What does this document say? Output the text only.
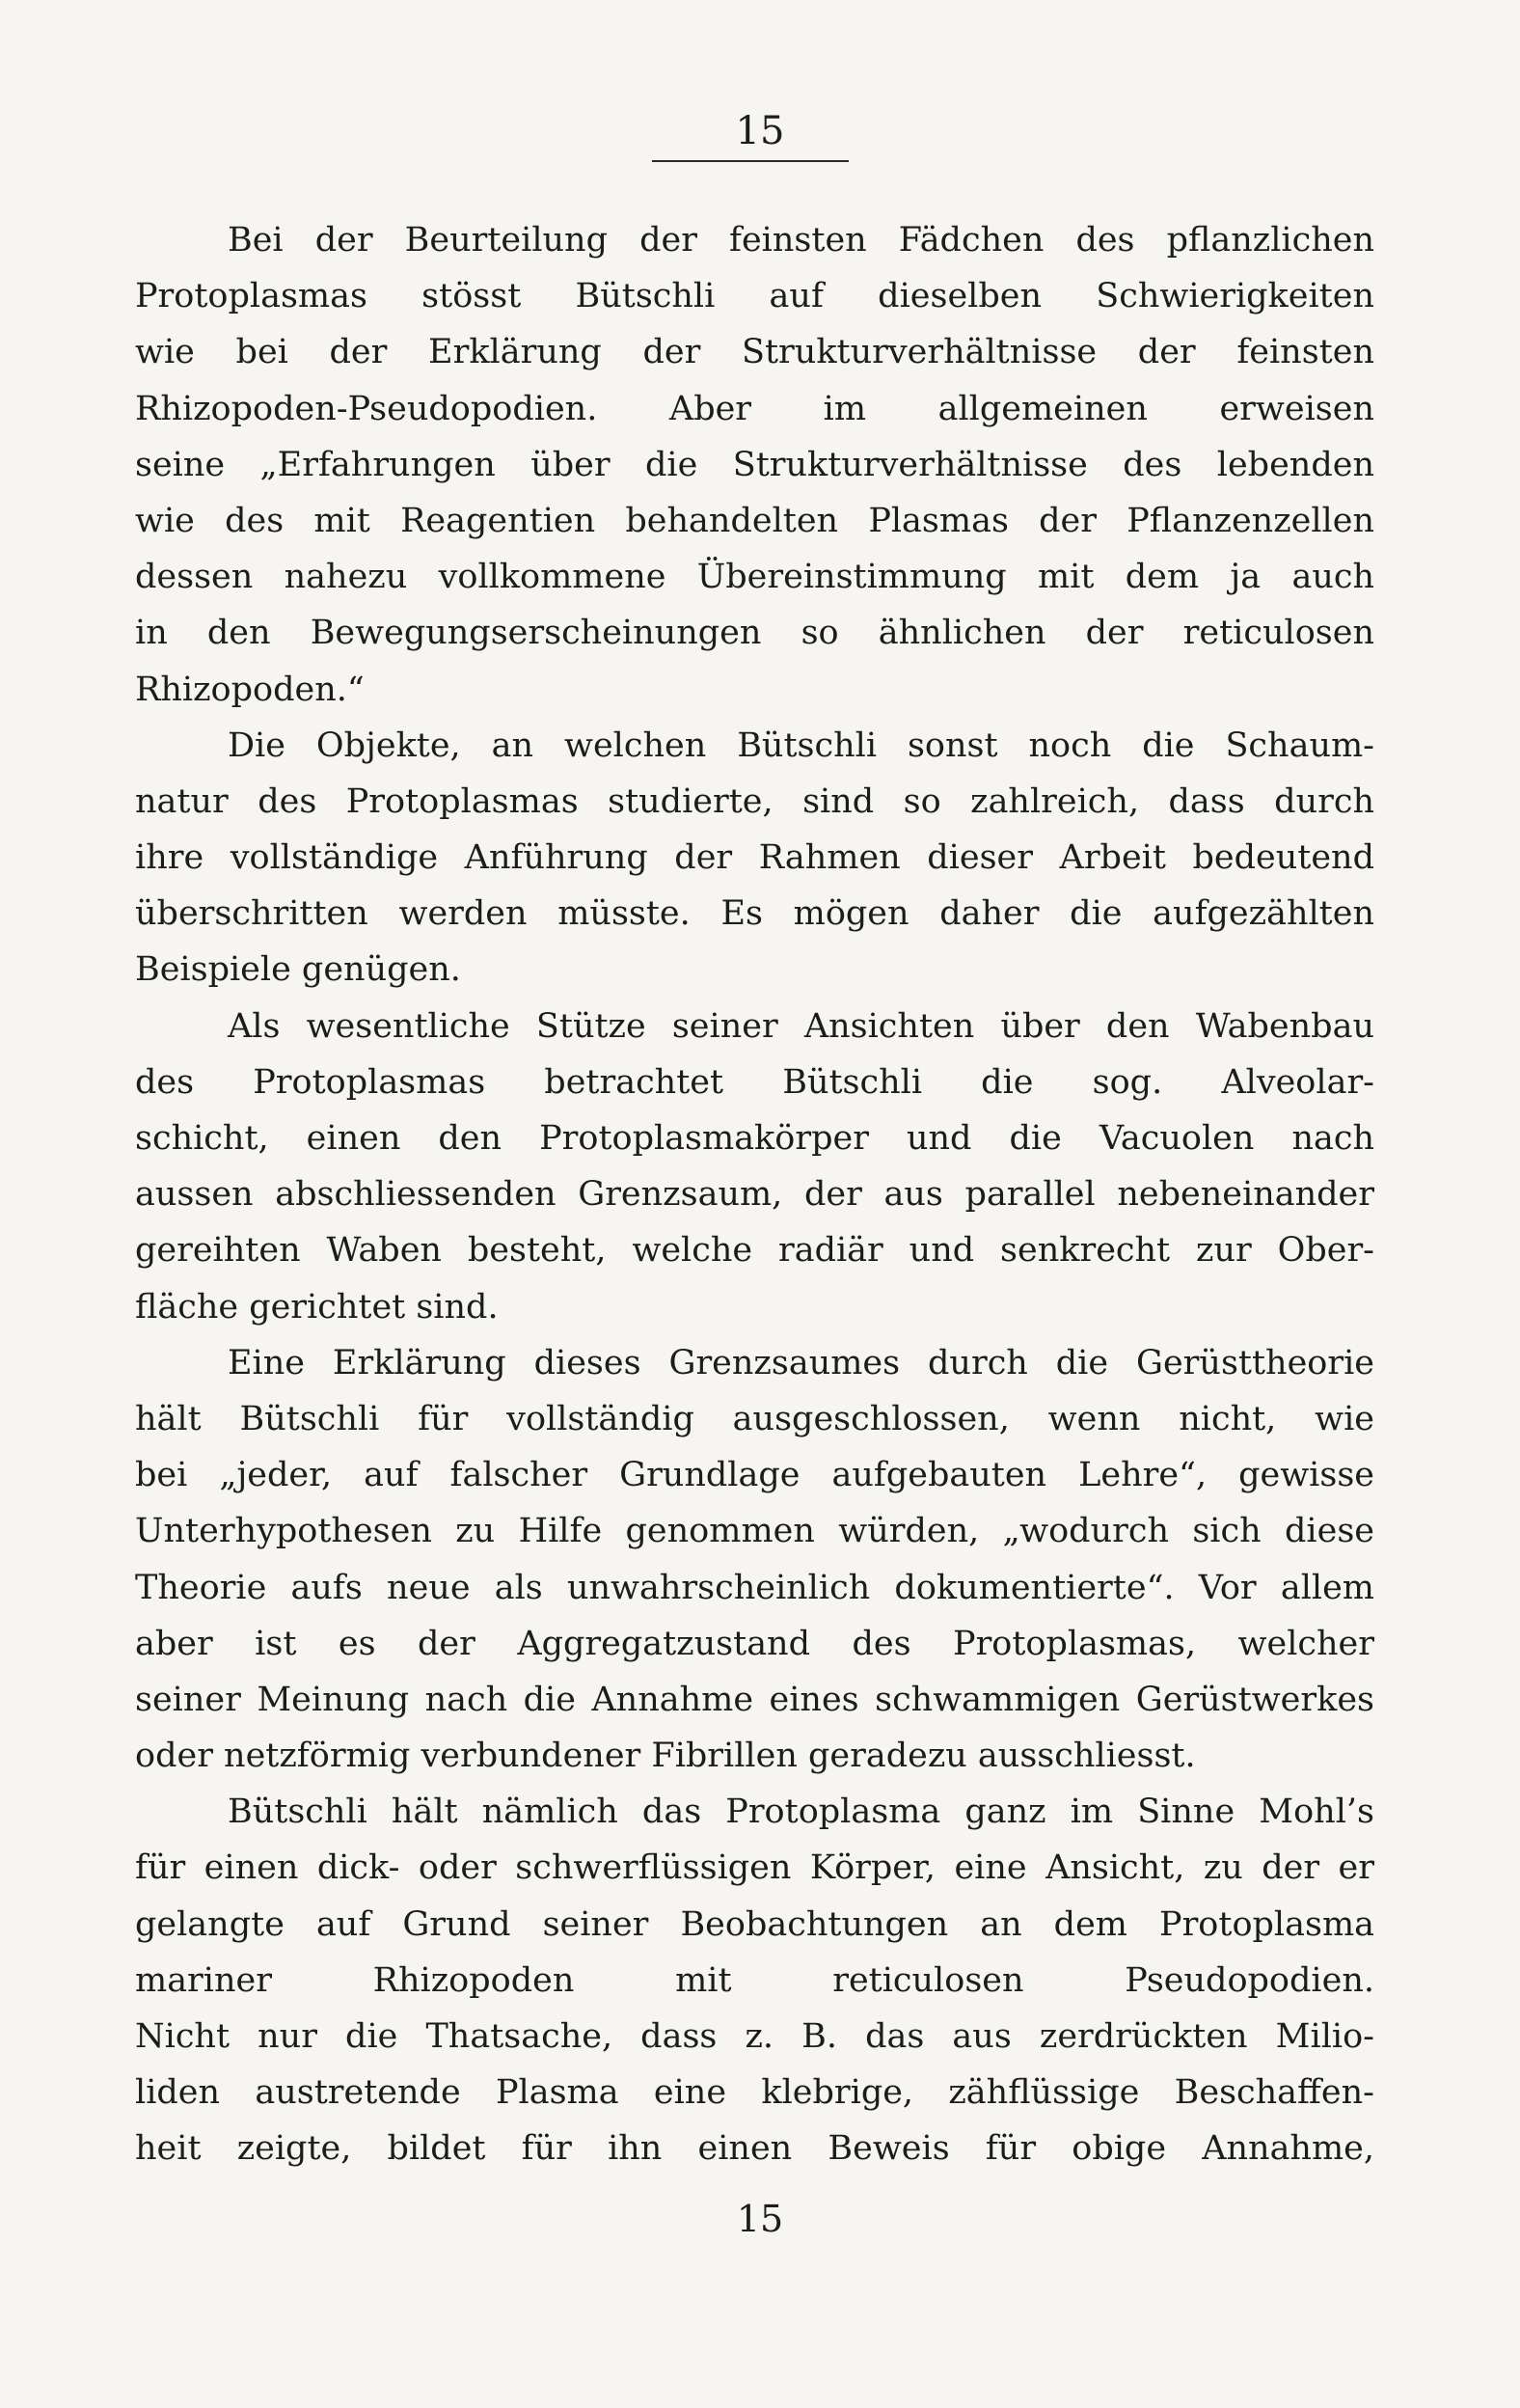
15
Bei der Beurteilung der feinsten Fädchen des pflanzlichen
Protoplasmas stösst Bütschli auf dieselben Schwierigkeiten
wie bei der Erklärung der Strukturverhältnisse der feinsten
Rhizopoden-Pseudopodien. Aber im allgemeinen erweisen
seine „Erfahrungen über die Strukturverhältnisse des lebenden
wie des mit Reagentien behandelten Plasmas der Pflanzenzellen
dessen nahezu vollkommene Übereinstimmung mit dem ja auch
in den Bewegungserscheinungen so ähnlichen der reticulosen
Rhizopoden.“
Die Objekte, an welchen Bütschli sonst noch die Schaum-
natur des Protoplasmas studierte, sind so zahlreich, dass durch
ihre vollständige Anführung der Rahmen dieser Arbeit bedeutend
überschritten werden müsste. Es mögen daher die aufgezählten
Beispiele genügen.
Als wesentliche Stütze seiner Ansichten über den Wabenbau
des Protoplasmas betrachtet Bütschli die sog. Alveolar-
schicht, einen den Protoplasmakörper und die Vacuolen nach
aussen abschliessenden Grenzsaum, der aus parallel nebeneinander
gereihten Waben besteht, welche radiär und senkrecht zur Ober-
fläche gerichtet sind.
Eine Erklärung dieses Grenzsaumes durch die Gerüsttheorie
hält Bütschli für vollständig ausgeschlossen, wenn nicht, wie
bei „jeder, auf falscher Grundlage aufgebauten Lehre“, gewisse
Unterhypothesen zu Hilfe genommen würden, „wodurch sich diese
Theorie aufs neue als unwahrscheinlich dokumentierte“. Vor allem
aber ist es der Aggregatzustand des Protoplasmas, welcher
seiner Meinung nach die Annahme eines schwammigen Gerüstwerkes
oder netzförmig verbundener Fibrillen geradezu ausschliesst.
Bütschli hält nämlich das Protoplasma ganz im Sinne Mohl’s
für einen dick- oder schwerflüssigen Körper, eine Ansicht, zu der er
gelangte auf Grund seiner Beobachtungen an dem Protoplasma
mariner Rhizopoden mit reticulosen Pseudopodien.
Nicht nur die Thatsache, dass z. B. das aus zerdrückten Milio-
liden austretende Plasma eine klebrige, zähflüssige Beschaffen-
heit zeigte, bildet für ihn einen Beweis für obige Annahme,
15
